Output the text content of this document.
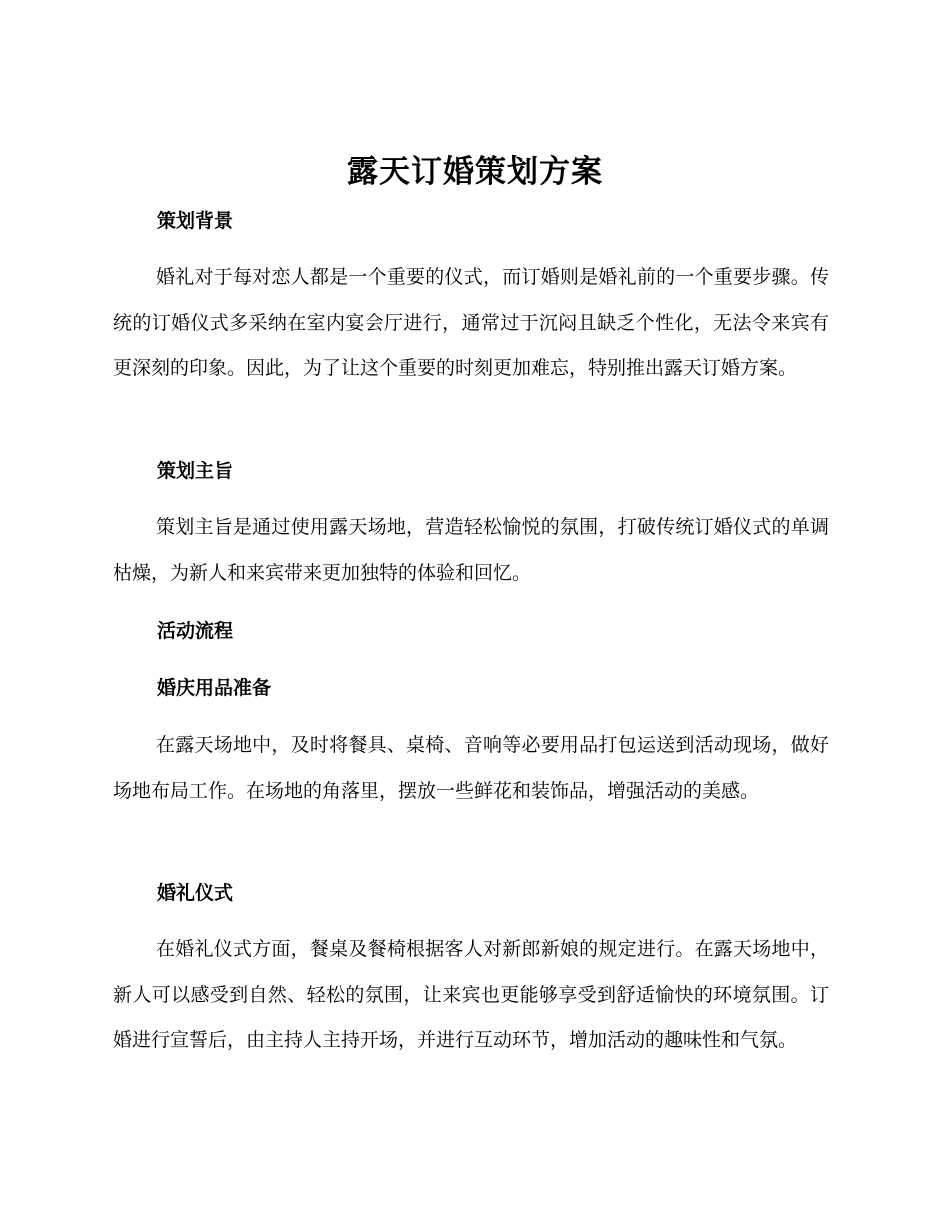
露天订婚策划方案
策划背景

婚礼对于每对恋人都是一个重要的仪式，而订婚则是婚礼前的一个重要步骤。传统的订婚仪式多采纳在室内宴会厅进行，通常过于沉闷且缺乏个性化，无法令来宾有更深刻的印象。因此，为了让这个重要的时刻更加难忘，特别推出露天订婚方案。

策划主旨

策划主旨是通过使用露天场地，营造轻松愉悦的氛围，打破传统订婚仪式的单调枯燥，为新人和来宾带来更加独特的体验和回忆。

活动流程
婚庆用品准备

在露天场地中，及时将餐具、桌椅、音响等必要用品打包运送到活动现场，做好场地布局工作。在场地的角落里，摆放一些鲜花和装饰品，增强活动的美感。

婚礼仪式

在婚礼仪式方面，餐桌及餐椅根据客人对新郎新娘的规定进行。在露天场地中，新人可以感受到自然、轻松的氛围，让来宾也更能够享受到舒适愉快的环境氛围。订婚进行宣誓后，由主持人主持开场，并进行互动环节，增加活动的趣味性和气氛。
